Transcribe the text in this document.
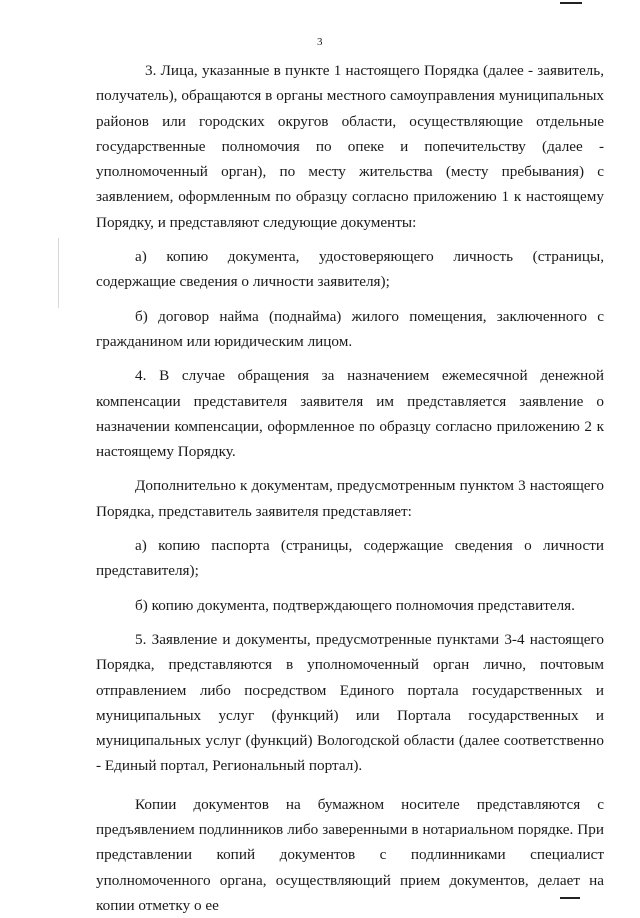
3

3. Лица, указанные в пункте 1 настоящего Порядка (далее - заявитель, получатель), обращаются в органы местного самоуправления муниципальных районов или городских округов области, осуществляющие отдельные государственные полномочия по опеке и попечительству (далее - уполномоченный орган), по месту жительства (месту пребывания) с заявлением, оформленным по образцу согласно приложению 1 к настоящему Порядку, и представляют следующие документы:

а) копию документа, удостоверяющего личность (страницы, содержащие сведения о личности заявителя);

б) договор найма (поднайма) жилого помещения, заключенного с гражданином или юридическим лицом.

4. В случае обращения за назначением ежемесячной денежной компенсации представителя заявителя им представляется заявление о назначении компенсации, оформленное по образцу согласно приложению 2 к настоящему Порядку.

Дополнительно к документам, предусмотренным пунктом 3 настоящего Порядка, представитель заявителя представляет:

а) копию паспорта (страницы, содержащие сведения о личности представителя);

б) копию документа, подтверждающего полномочия представителя.

5. Заявление и документы, предусмотренные пунктами 3-4 настоящего Порядка, представляются в уполномоченный орган лично, почтовым отправлением либо посредством Единого портала государственных и муниципальных услуг (функций) или Портала государственных и муниципальных услуг (функций) Вологодской области (далее соответственно - Единый портал, Региональный портал).

Копии документов на бумажном носителе представляются с предъявлением подлинников либо заверенными в нотариальном порядке. При представлении копий документов с подлинниками специалист уполномоченного органа, осуществляющий прием документов, делает на копии отметку о ее
